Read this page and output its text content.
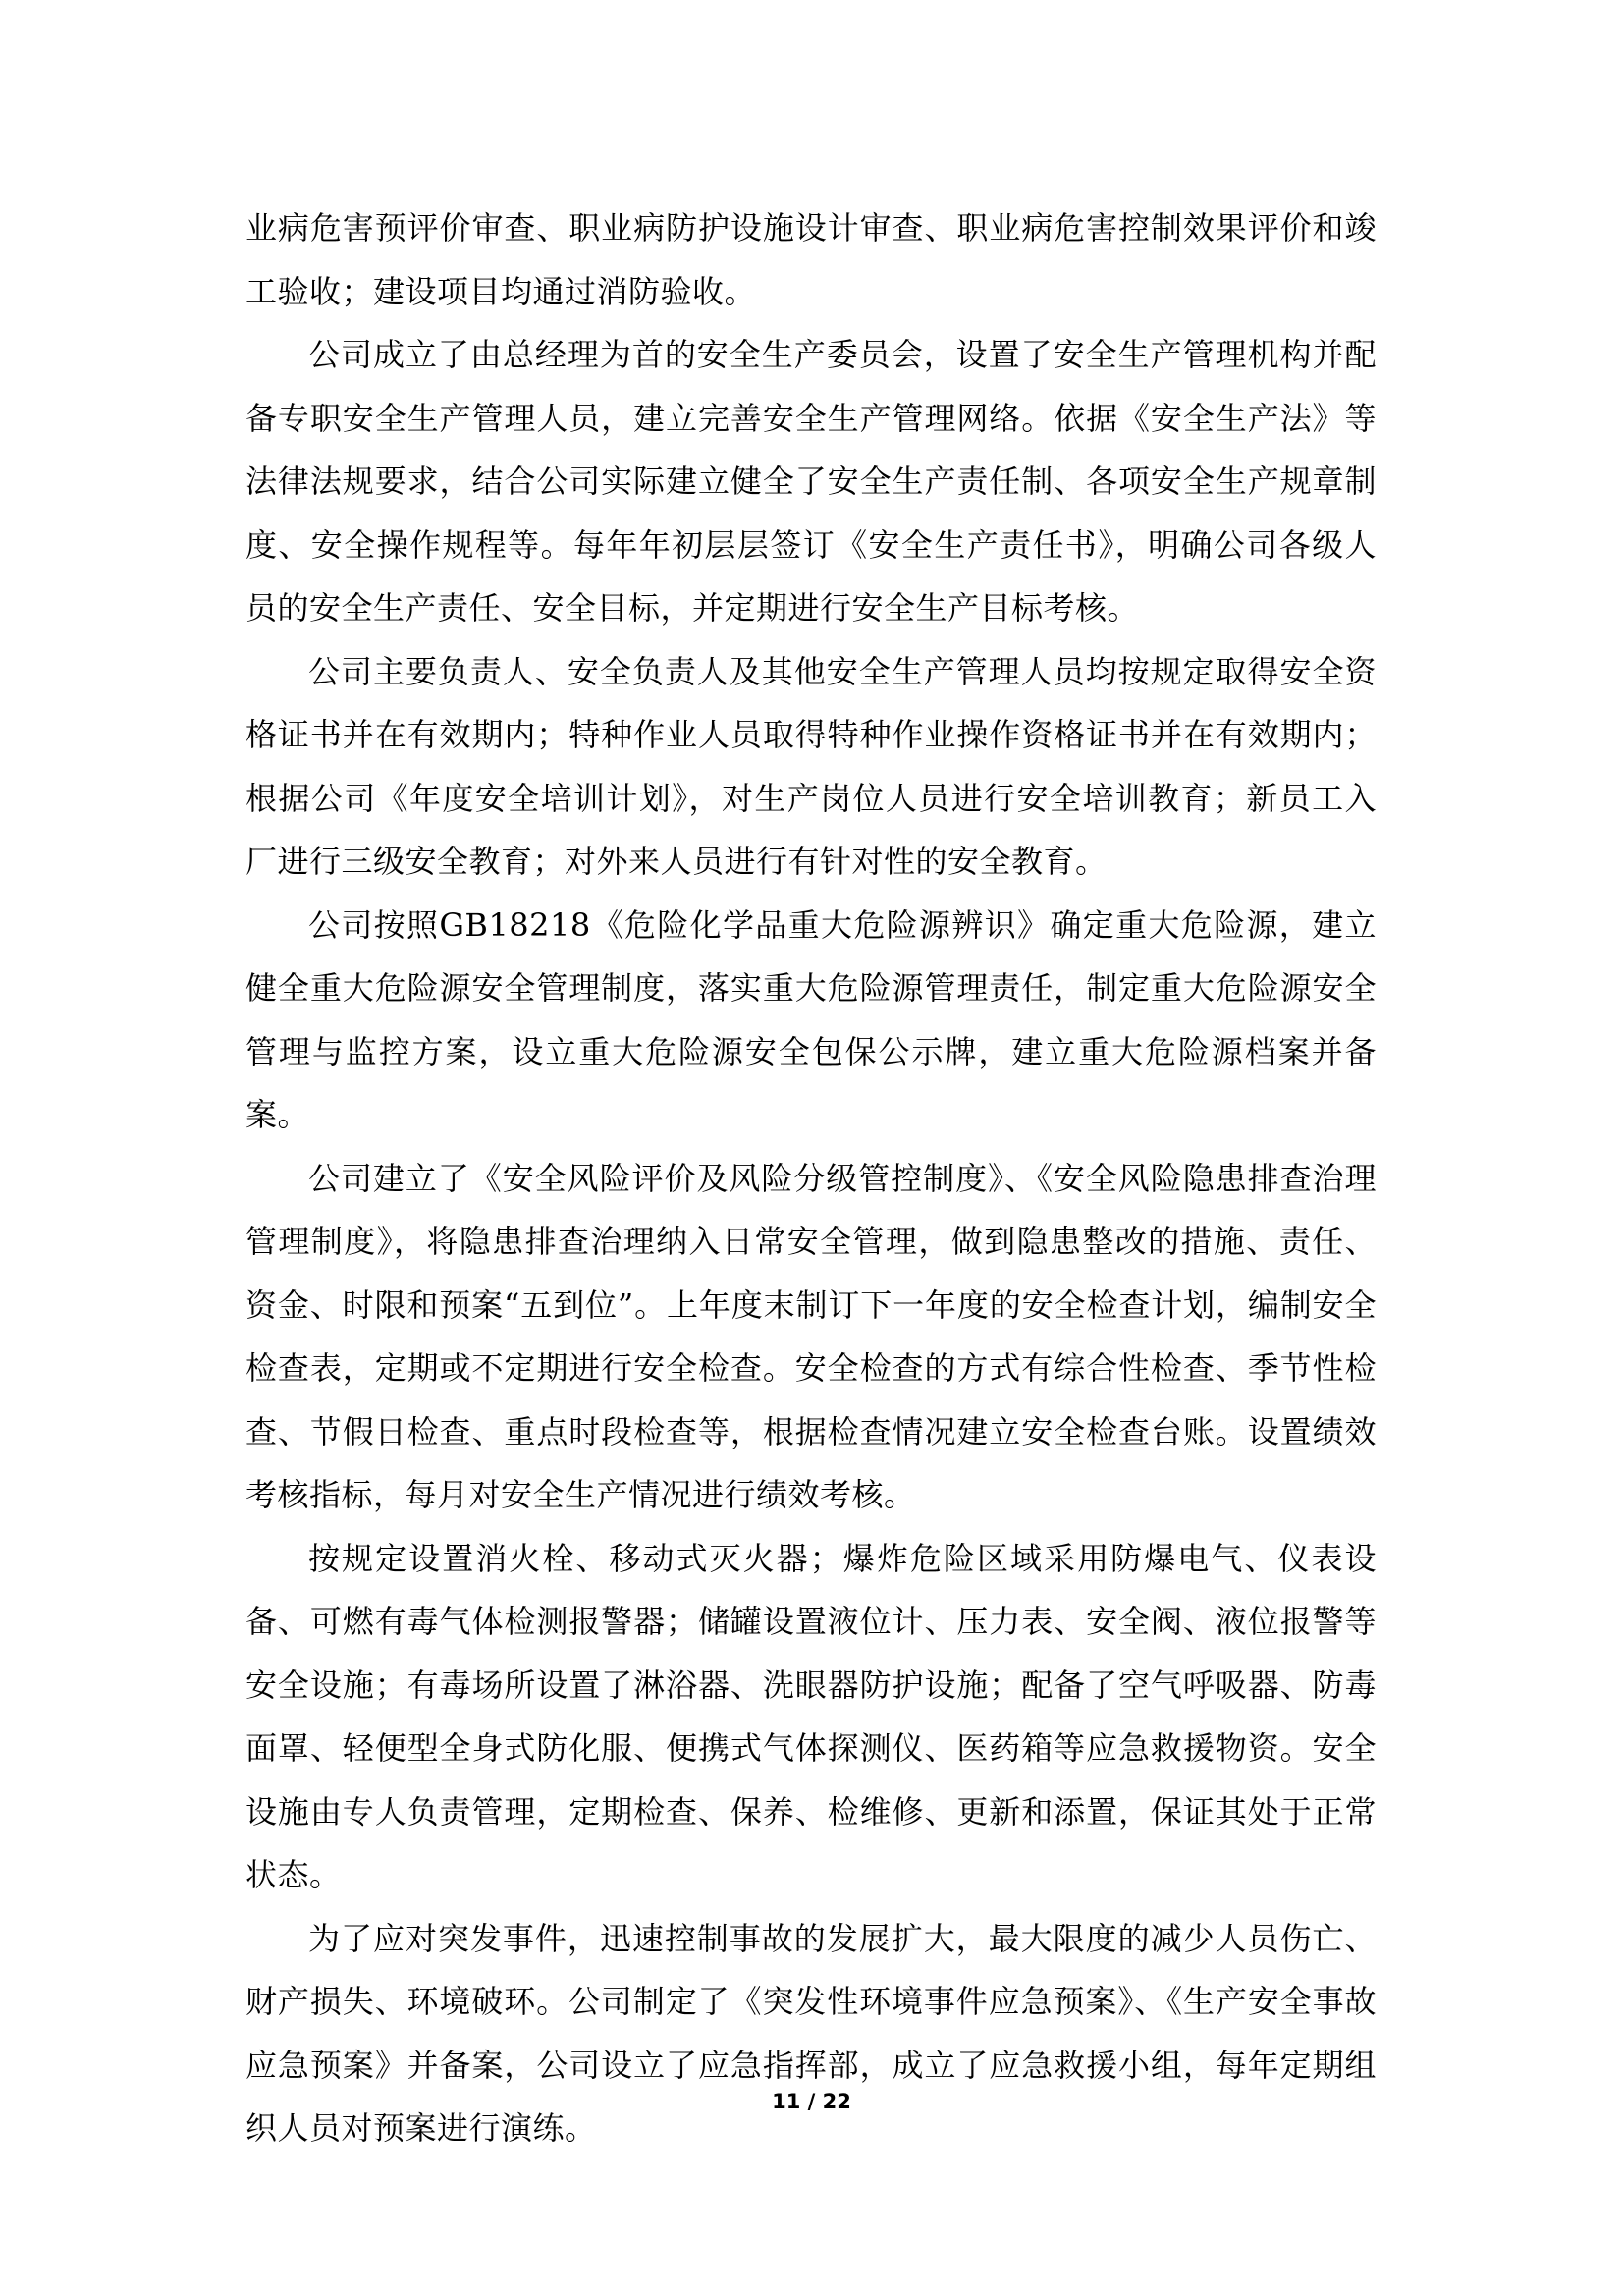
业病危害预评价审查、职业病防护设施设计审查、职业病危害控制效果评价和竣工验收；建设项目均通过消防验收。

公司成立了由总经理为首的安全生产委员会，设置了安全生产管理机构并配备专职安全生产管理人员，建立完善安全生产管理网络。依据《安全生产法》等法律法规要求，结合公司实际建立健全了安全生产责任制、各项安全生产规章制度、安全操作规程等。每年年初层层签订《安全生产责任书》，明确公司各级人员的安全生产责任、安全目标，并定期进行安全生产目标考核。

公司主要负责人、安全负责人及其他安全生产管理人员均按规定取得安全资格证书并在有效期内；特种作业人员取得特种作业操作资格证书并在有效期内；根据公司《年度安全培训计划》，对生产岗位人员进行安全培训教育；新员工入厂进行三级安全教育；对外来人员进行有针对性的安全教育。

公司按照GB18218《危险化学品重大危险源辨识》确定重大危险源，建立健全重大危险源安全管理制度，落实重大危险源管理责任，制定重大危险源安全管理与监控方案，设立重大危险源安全包保公示牌，建立重大危险源档案并备案。

公司建立了《安全风险评价及风险分级管控制度》、《安全风险隐患排查治理管理制度》，将隐患排查治理纳入日常安全管理，做到隐患整改的措施、责任、资金、时限和预案“五到位”。上年度末制订下一年度的安全检查计划，编制安全检查表，定期或不定期进行安全检查。安全检查的方式有综合性检查、季节性检查、节假日检查、重点时段检查等，根据检查情况建立安全检查台账。设置绩效考核指标，每月对安全生产情况进行绩效考核。

按规定设置消火栓、移动式灭火器；爆炸危险区域采用防爆电气、仪表设备、可燃有毒气体检测报警器；储罐设置液位计、压力表、安全阀、液位报警等安全设施；有毒场所设置了淋浴器、洗眼器防护设施；配备了空气呼吸器、防毒面罩、轻便型全身式防化服、便携式气体探测仪、医药箱等应急救援物资。安全设施由专人负责管理，定期检查、保养、检维修、更新和添置，保证其处于正常状态。

为了应对突发事件，迅速控制事故的发展扩大，最大限度的减少人员伤亡、财产损失、环境破环。公司制定了《突发性环境事件应急预案》、《生产安全事故应急预案》并备案，公司设立了应急指挥部，成立了应急救援小组，每年定期组织人员对预案进行演练。

11 / 22
